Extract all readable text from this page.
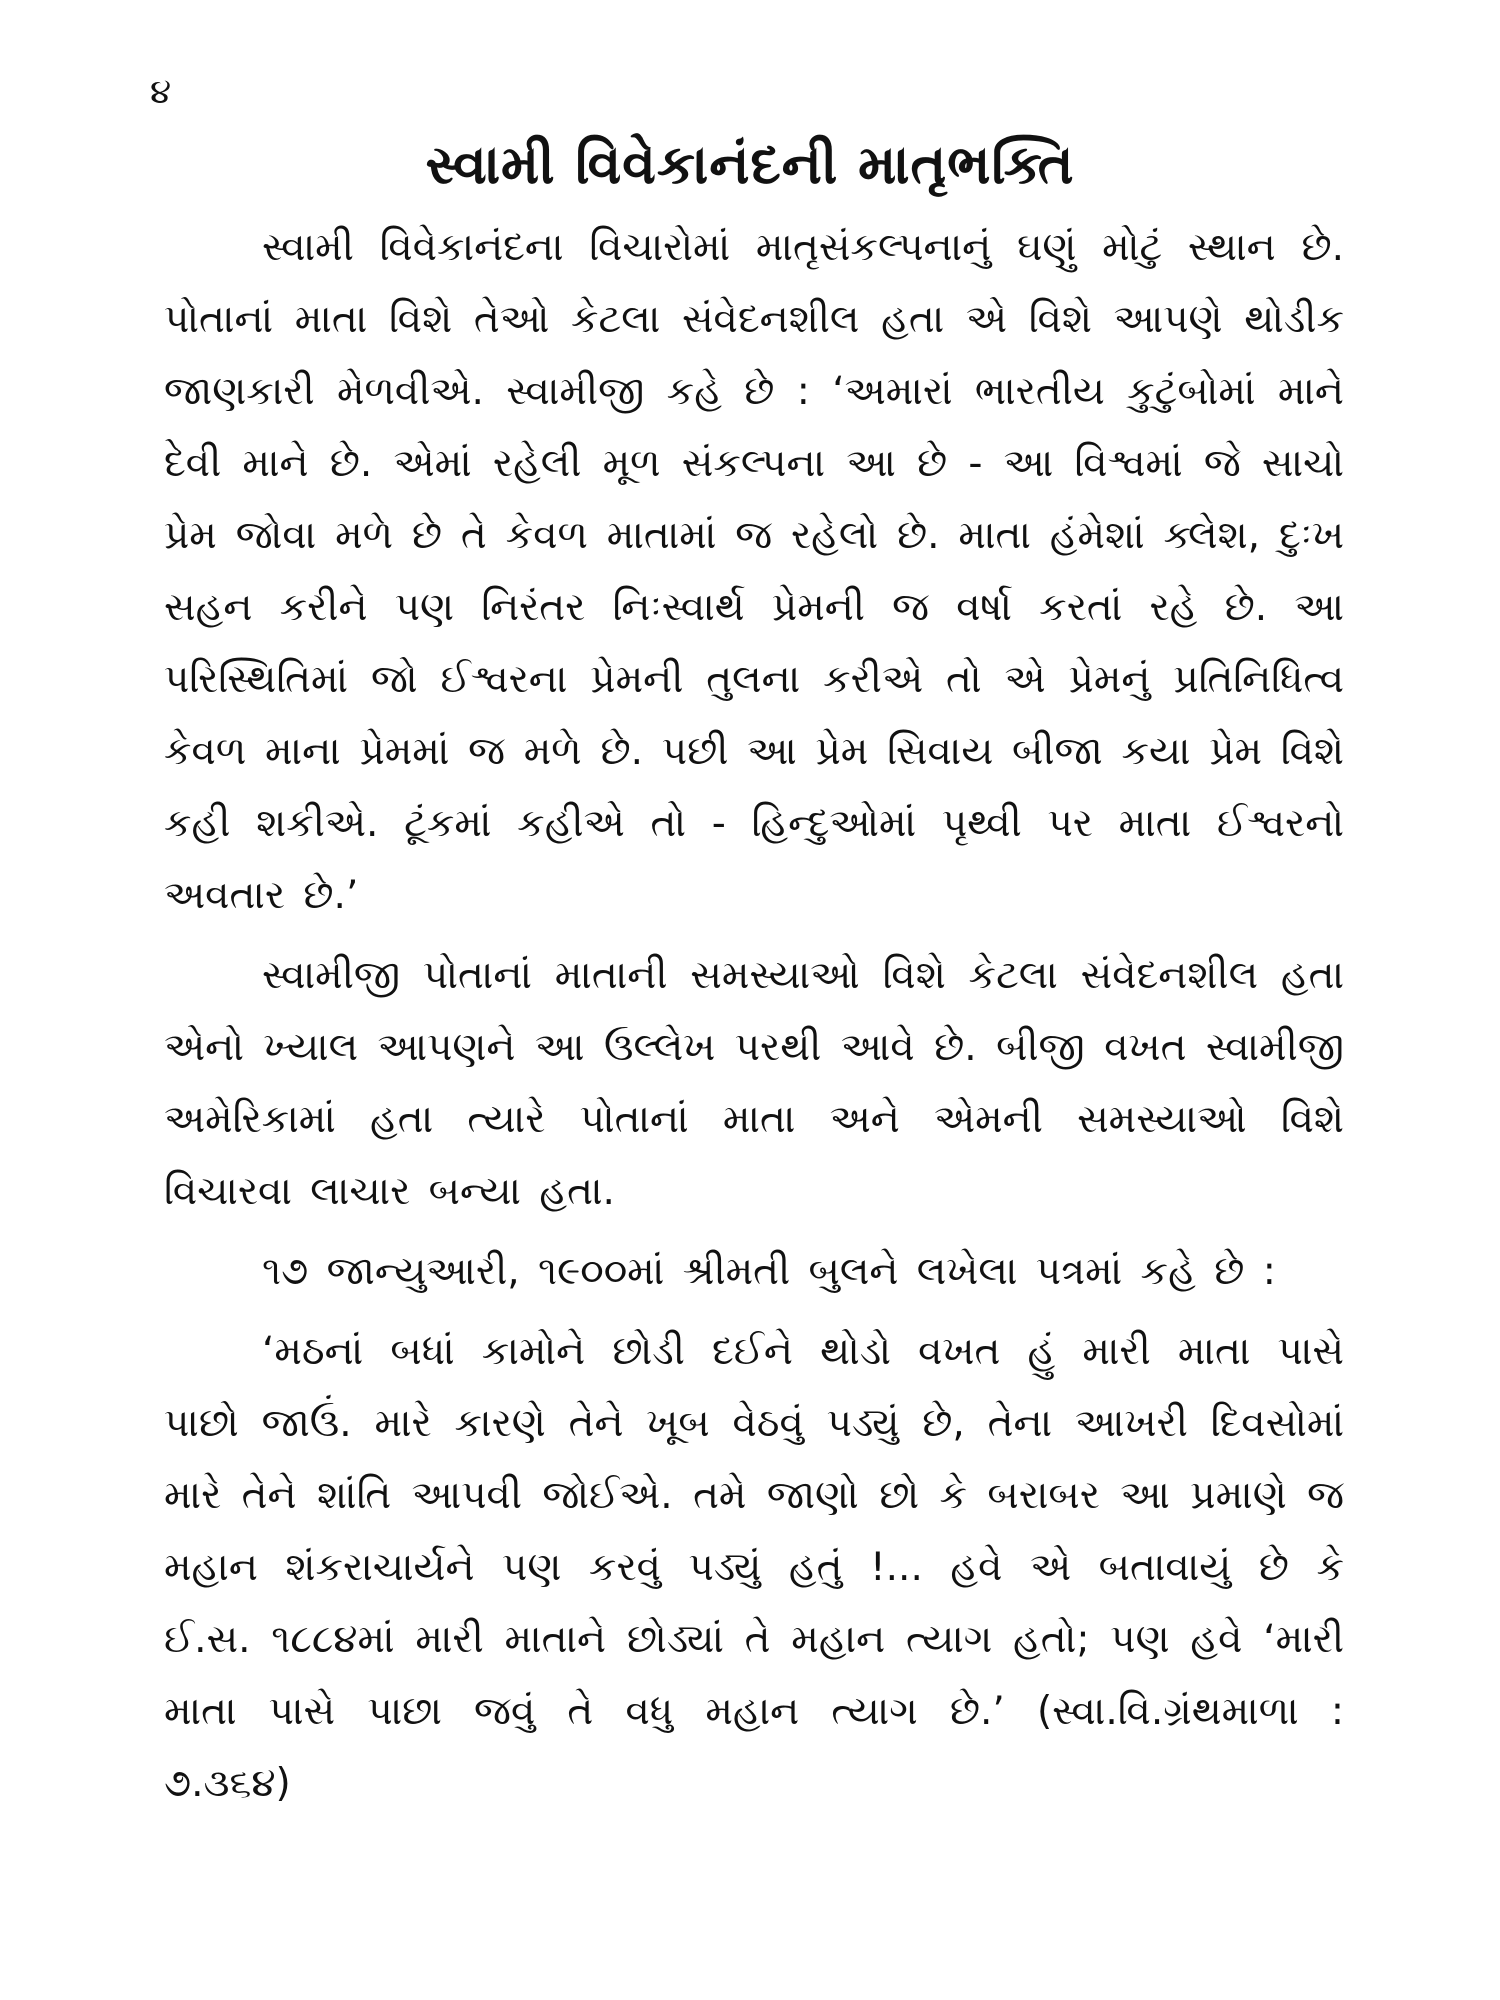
૪
સ્વામી વિવેકાનંદની માતૃભક્તિ

સ્વામી વિવેકાનંદના વિચારોમાં માતૃસંકલ્પનાનું ઘણું મોટું સ્થાન છે. પોતાનાં માતા વિશે તેઓ કેટલા સંવેદનશીલ હતા એ વિશે આપણે થોડીક જાણકારી મેળવીએ. સ્વામીજી કહે છે : ‘અમારાં ભારતીય કુટુંબોમાં માને દેવી માને છે. એમાં રહેલી મૂળ સંકલ્પના આ છે - આ વિશ્વમાં જે સાચો પ્રેમ જોવા મળે છે તે કેવળ માતામાં જ રહેલો છે. માતા હંમેશાં ક્લેશ, દુઃખ સહન કરીને પણ નિરંતર નિઃસ્વાર્થ પ્રેમની જ વર્ષા કરતાં રહે છે. આ પરિસ્થિતિમાં જો ઈશ્વરના પ્રેમની તુલના કરીએ તો એ પ્રેમનું પ્રતિનિધિત્વ કેવળ માના પ્રેમમાં જ મળે છે. પછી આ પ્રેમ સિવાય બીજા કયા પ્રેમ વિશે કહી શકીએ. ટૂંકમાં કહીએ તો - હિન્દુઓમાં પૃથ્વી પર માતા ઈશ્વરનો અવતાર છે.’

સ્વામીજી પોતાનાં માતાની સમસ્યાઓ વિશે કેટલા સંવેદનશીલ હતા એનો ખ્યાલ આપણને આ ઉલ્લેખ પરથી આવે છે. બીજી વખત સ્વામીજી અમેરિકામાં હતા ત્યારે પોતાનાં માતા અને એમની સમસ્યાઓ વિશે વિચારવા લાચાર બન્યા હતા.

૧૭ જાન્યુઆરી, ૧૯૦૦માં શ્રીમતી બુલને લખેલા પત્રમાં કહે છે :

‘મઠનાં બધાં કામોને છોડી દઈને થોડો વખત હું મારી માતા પાસે પાછો જાઉં. મારે કારણે તેને ખૂબ વેઠવું પડ્યું છે, તેના આખરી દિવસોમાં મારે તેને શાંતિ આપવી જોઈએ. તમે જાણો છો કે બરાબર આ પ્રમાણે જ મહાન શંકરાચાર્યને પણ કરવું પડ્યું હતું !... હવે એ બતાવાયું છે કે ઈ.સ. ૧૮૮૪માં મારી માતાને છોડ્યાં તે મહાન ત્યાગ હતો; પણ હવે ‘મારી માતા પાસે પાછા જવું તે વધુ મહાન ત્યાગ છે.’ (સ્વા.વિ.ગ્રંથમાળા : ૭.૩૬૪)
